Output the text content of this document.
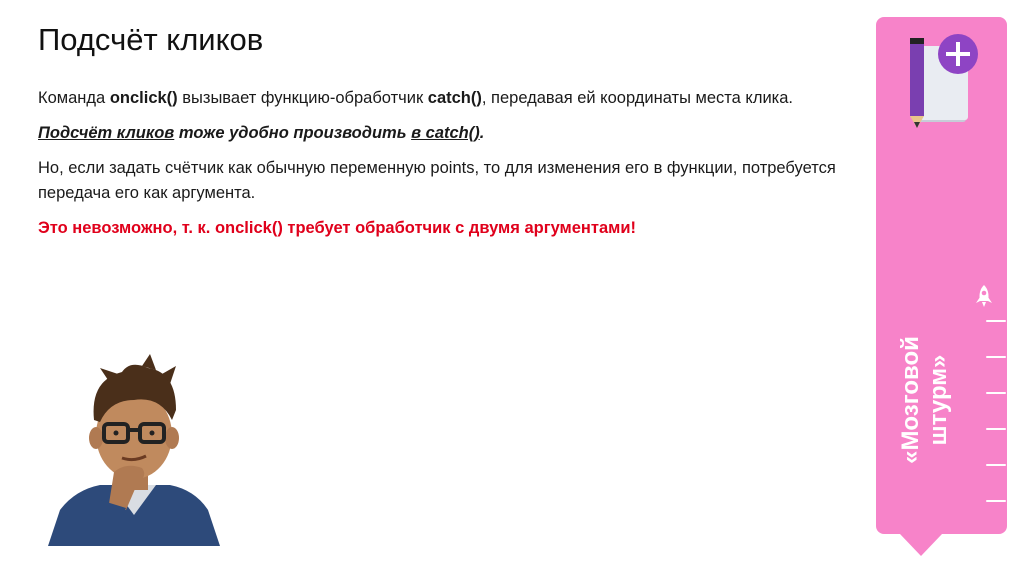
Подсчёт кликов

Команда onclick() вызывает функцию-обработчик catch(), передавая ей координаты места клика.

Подсчёт кликов тоже удобно производить в catch().

Но, если задать счётчик как обычную переменную points, то для изменения его в функции, потребуется передача его как аргумента.

Это невозможно, т. к. onclick() требует обработчик с двумя аргументами!

«Мозговой штурм»
